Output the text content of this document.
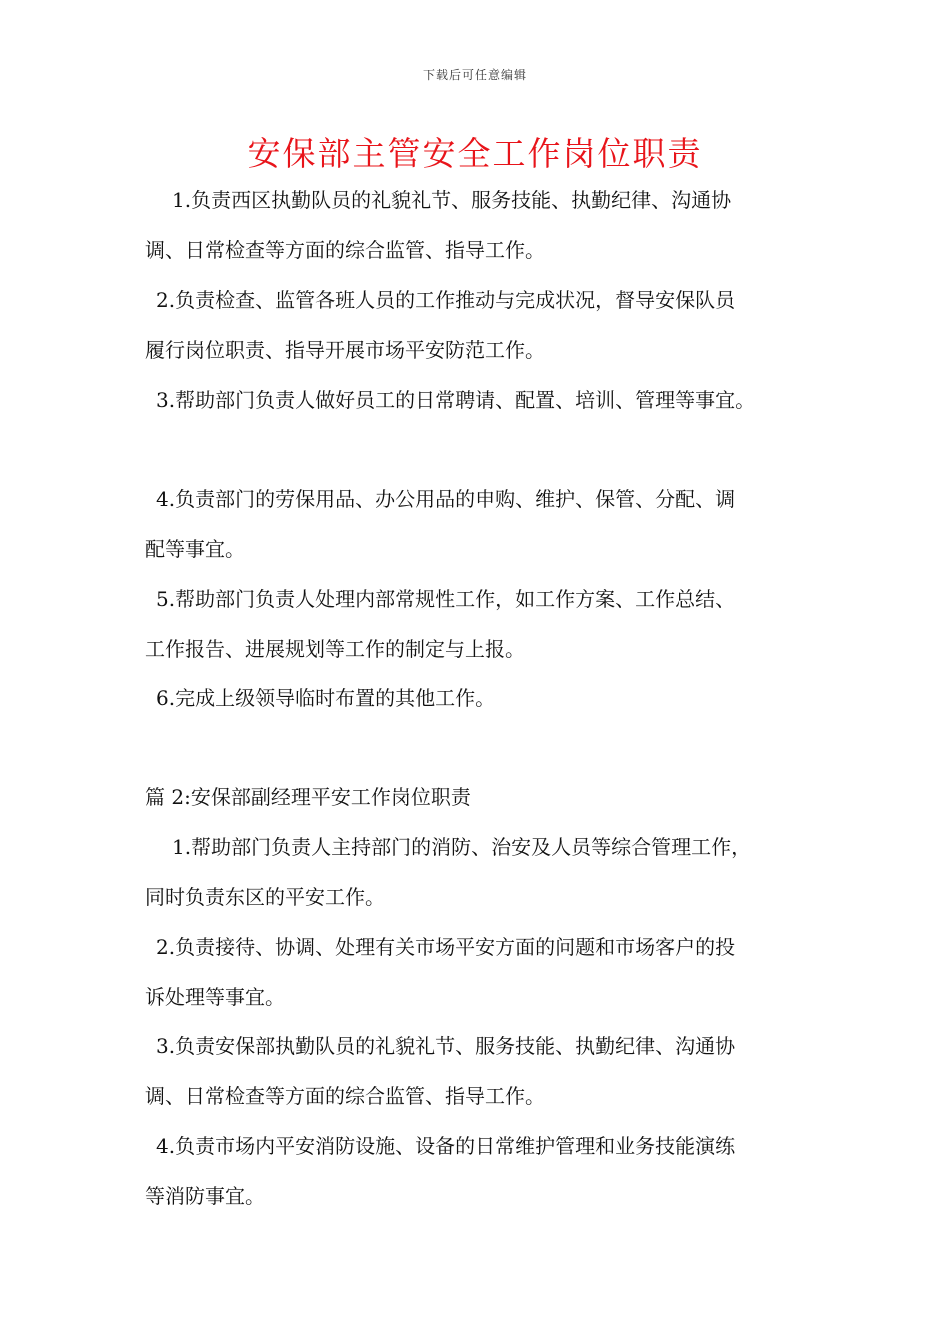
下载后可任意编辑
安保部主管安全工作岗位职责
1.负责西区执勤队员的礼貌礼节、服务技能、执勤纪律、沟通协
调、日常检查等方面的综合监管、指导工作。
2.负责检查、监管各班人员的工作推动与完成状况，督导安保队员
履行岗位职责、指导开展市场平安防范工作。
3.帮助部门负责人做好员工的日常聘请、配置、培训、管理等事宜。
4.负责部门的劳保用品、办公用品的申购、维护、保管、分配、调
配等事宜。
5.帮助部门负责人处理内部常规性工作，如工作方案、工作总结、
工作报告、进展规划等工作的制定与上报。
6.完成上级领导临时布置的其他工作。
篇 2:安保部副经理平安工作岗位职责
1.帮助部门负责人主持部门的消防、治安及人员等综合管理工作，
同时负责东区的平安工作。
2.负责接待、协调、处理有关市场平安方面的问题和市场客户的投
诉处理等事宜。
3.负责安保部执勤队员的礼貌礼节、服务技能、执勤纪律、沟通协
调、日常检查等方面的综合监管、指导工作。
4.负责市场内平安消防设施、设备的日常维护管理和业务技能演练
等消防事宜。
